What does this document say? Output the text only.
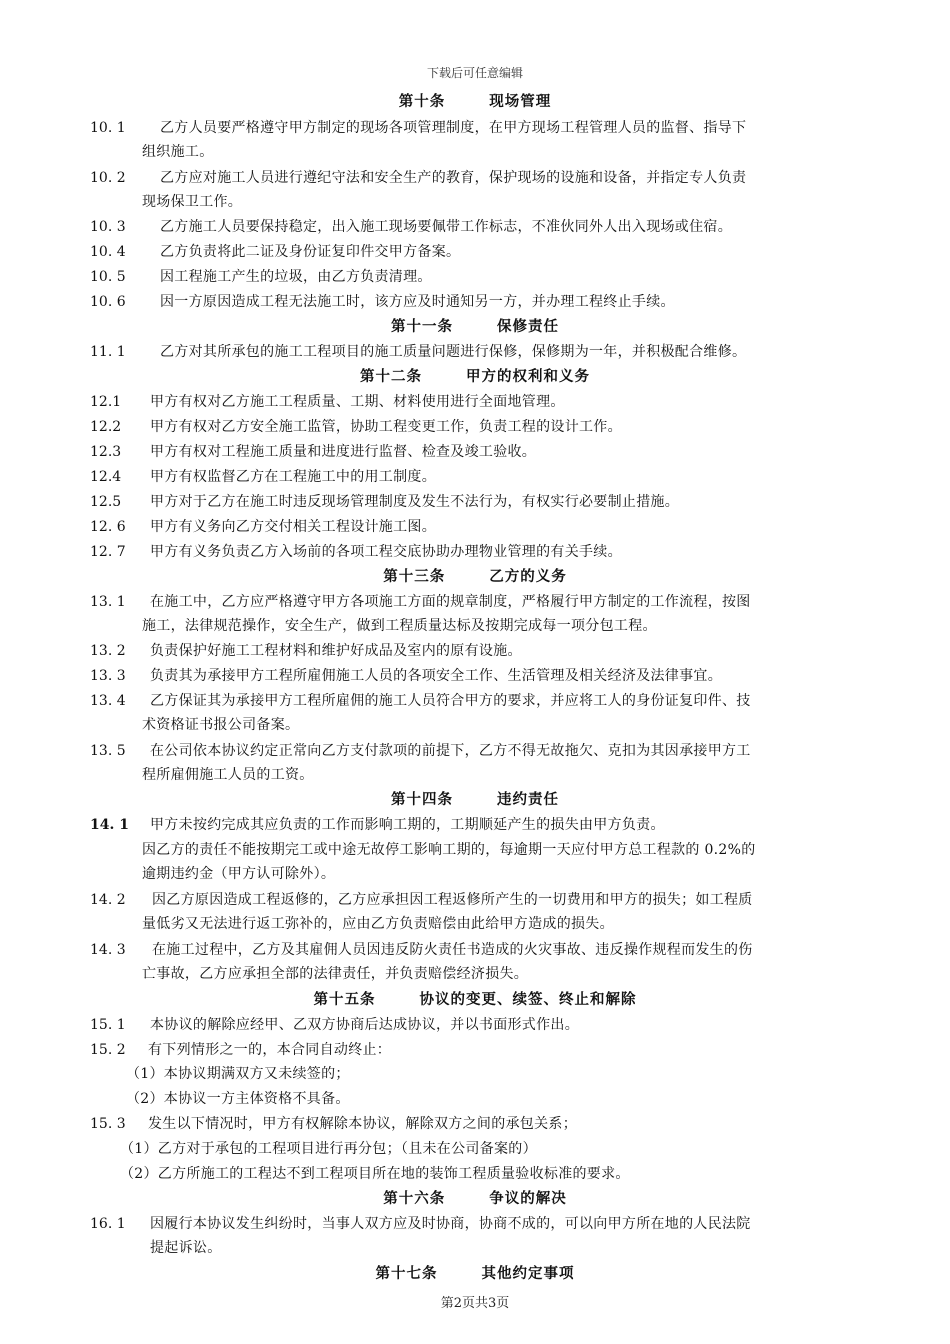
下载后可任意编辑
第十条	现场管理
第十一条	保修责任
第十二条	甲方的权利和义务
第十三条	乙方的义务
第十四条	违约责任
第十五条	协议的变更、续签、终止和解除
第十六条	争议的解决
第十七条	其他约定事项
10. 1 乙方人员要严格遵守甲方制定的现场各项管理制度，在甲方现场工程管理人员的监督、指导下
组织施工。
10. 2 乙方应对施工人员进行遵纪守法和安全生产的教育，保护现场的设施和设备，并指定专人负责
现场保卫工作。
10. 3 乙方施工人员要保持稳定，出入施工现场要佩带工作标志，不准伙同外人出入现场或住宿。
10. 4 乙方负责将此二证及身份证复印件交甲方备案。
10. 5 因工程施工产生的垃圾，由乙方负责清理。
10. 6 因一方原因造成工程无法施工时，该方应及时通知另一方，并办理工程终止手续。
11. 1 乙方对其所承包的施工工程项目的施工质量问题进行保修，保修期为一年，并积极配合维修。
12.1 甲方有权对乙方施工工程质量、工期、材料使用进行全面地管理。
12.2 甲方有权对乙方安全施工监管，协助工程变更工作，负责工程的设计工作。
12.3 甲方有权对工程施工质量和进度进行监督、检查及竣工验收。
12.4 甲方有权监督乙方在工程施工中的用工制度。
12.5 甲方对于乙方在施工时违反现场管理制度及发生不法行为，有权实行必要制止措施。
12. 6 甲方有义务向乙方交付相关工程设计施工图。
12. 7 甲方有义务负责乙方入场前的各项工程交底协助办理物业管理的有关手续。
13. 1 在施工中，乙方应严格遵守甲方各项施工方面的规章制度，严格履行甲方制定的工作流程，按图
施工，法律规范操作，安全生产，做到工程质量达标及按期完成每一项分包工程。
13. 2 负责保护好施工工程材料和维护好成品及室内的原有设施。
13. 3 负责其为承接甲方工程所雇佣施工人员的各项安全工作、生活管理及相关经济及法律事宜。
13. 4 乙方保证其为承接甲方工程所雇佣的施工人员符合甲方的要求，并应将工人的身份证复印件、技
术资格证书报公司备案。
13. 5 在公司依本协议约定正常向乙方支付款项的前提下，乙方不得无故拖欠、克扣为其因承接甲方工
程所雇佣施工人员的工资。
14. 1 甲方未按约完成其应负责的工作而影响工期的，工期顺延产生的损失由甲方负责。
因乙方的责任不能按期完工或中途无故停工影响工期的，每逾期一天应付甲方总工程款的 0.2%的
逾期违约金（甲方认可除外）。
14. 2 因乙方原因造成工程返修的，乙方应承担因工程返修所产生的一切费用和甲方的损失；如工程质
量低劣又无法进行返工弥补的，应由乙方负责赔偿由此给甲方造成的损失。
14. 3 在施工过程中，乙方及其雇佣人员因违反防火责任书造成的火灾事故、违反操作规程而发生的伤
亡事故，乙方应承担全部的法律责任，并负责赔偿经济损失。
15. 1 本协议的解除应经甲、乙双方协商后达成协议，并以书面形式作出。
15. 2 有下列情形之一的，本合同自动终止：
（1）本协议期满双方又未续签的；
（2）本协议一方主体资格不具备。
15. 3 发生以下情况时，甲方有权解除本协议，解除双方之间的承包关系；
（1）乙方对于承包的工程项目进行再分包；（且未在公司备案的）
（2）乙方所施工的工程达不到工程项目所在地的装饰工程质量验收标准的要求。
16. 1 因履行本协议发生纠纷时，当事人双方应及时协商，协商不成的，可以向甲方所在地的人民法院
提起诉讼。
第2页共3页
